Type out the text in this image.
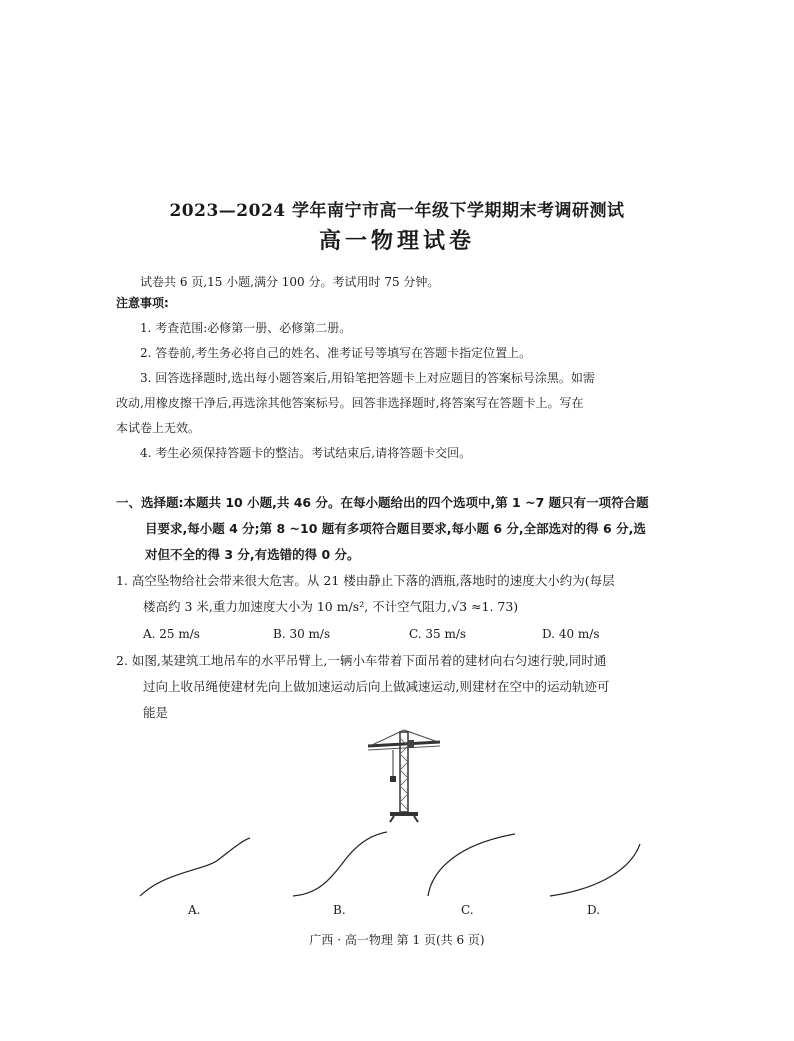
2023—2024 学年南宁市高一年级下学期期末考调研测试
高一物理试卷
试卷共 6 页,15 小题,满分 100 分。考试用时 75 分钟。
注意事项:
1. 考查范围:必修第一册、必修第二册。
2. 答卷前,考生务必将自己的姓名、准考证号等填写在答题卡指定位置上。
3. 回答选择题时,选出每小题答案后,用铅笔把答题卡上对应题目的答案标号涂黑。如需
改动,用橡皮擦干净后,再选涂其他答案标号。回答非选择题时,将答案写在答题卡上。写在
本试卷上无效。
4. 考生必须保持答题卡的整洁。考试结束后,请将答题卡交回。
一、选择题:本题共 10 小题,共 46 分。在每小题给出的四个选项中,第 1 ~7 题只有一项符合题
目要求,每小题 4 分;第 8 ~10 题有多项符合题目要求,每小题 6 分,全部选对的得 6 分,选
对但不全的得 3 分,有选错的得 0 分。
1. 高空坠物给社会带来很大危害。从 21 楼由静止下落的酒瓶,落地时的速度大小约为(每层
楼高约 3 米,重力加速度大小为 10 m/s², 不计空气阻力,√3 ≈1. 73)
A. 25 m/s	B. 30 m/s	C. 35 m/s	D. 40 m/s
2. 如图,某建筑工地吊车的水平吊臂上,一辆小车带着下面吊着的建材向右匀速行驶,同时通
过向上收吊绳使建材先向上做加速运动后向上做减速运动,则建材在空中的运动轨迹可
能是
A.	B.	C.	D.
广西 · 高一物理 第 1 页(共 6 页)
